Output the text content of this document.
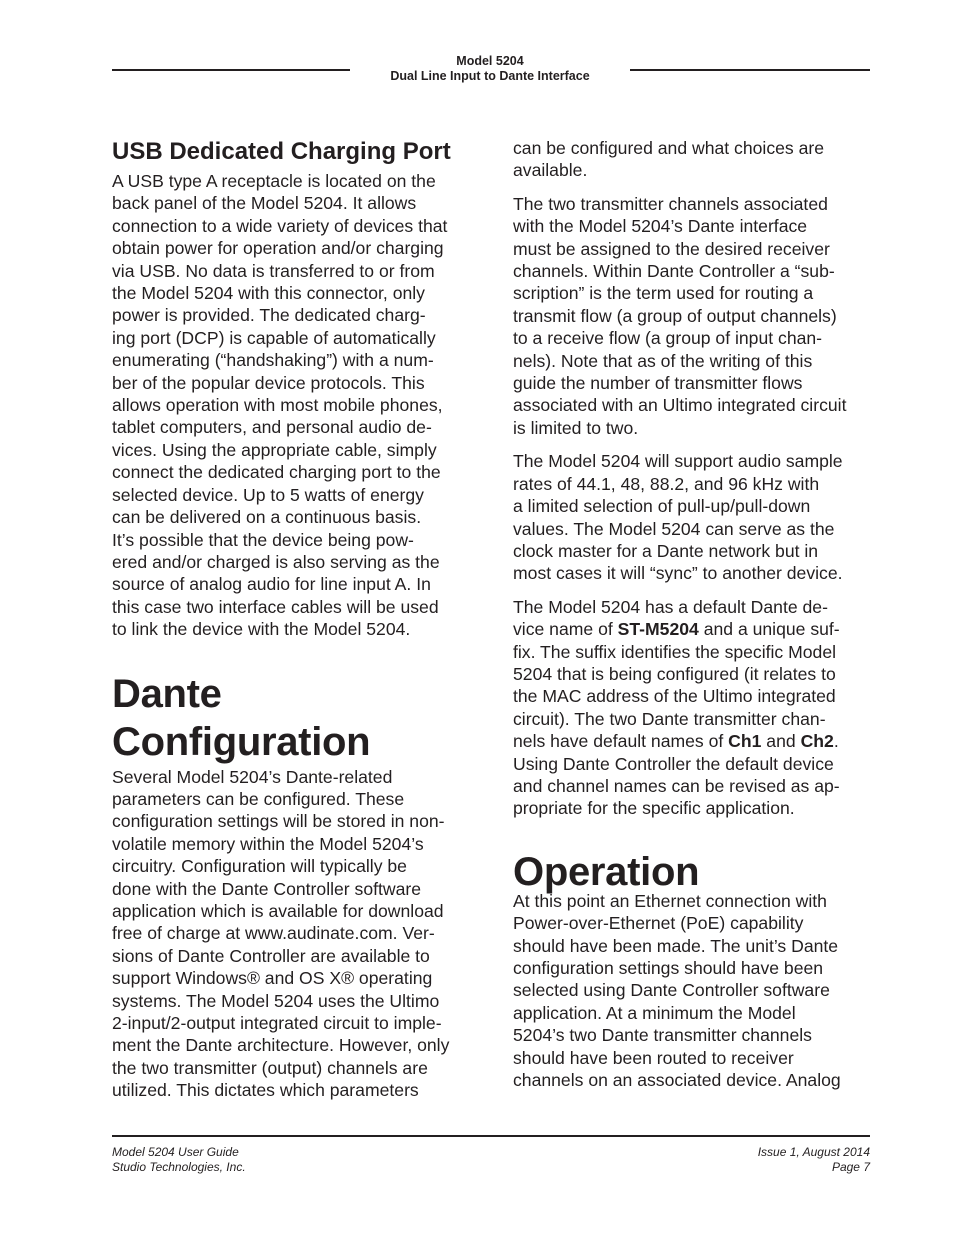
Model 5204
Dual Line Input to Dante Interface
USB Dedicated Charging Port

A USB type A receptacle is located on the
back panel of the Model 5204. It allows
connection to a wide variety of devices that
obtain power for operation and/or charging
via USB. No data is transferred to or from
the Model 5204 with this connector, only
power is provided. The dedicated charg-
ing port (DCP) is capable of automatically
enumerating (“handshaking”) with a num-
ber of the popular device protocols. This
allows operation with most mobile phones,
tablet computers, and personal audio de-
vices. Using the appropriate cable, simply
connect the dedicated charging port to the
selected device. Up to 5 watts of energy
can be delivered on a continuous basis.
It’s possible that the device being pow-
ered and/or charged is also serving as the
source of analog audio for line input A. In
this case two interface cables will be used
to link the device with the Model 5204.

Dante
Configuration

Several Model 5204’s Dante-related
parameters can be configured. These
configuration settings will be stored in non-
volatile memory within the Model 5204’s
circuitry. Configuration will typically be
done with the Dante Controller software
application which is available for download
free of charge at www.audinate.com. Ver-
sions of Dante Controller are available to
support Windows® and OS X® operating
systems. The Model 5204 uses the Ultimo
2-input/2-output integrated circuit to imple-
ment the Dante architecture. However, only
the two transmitter (output) channels are
utilized. This dictates which parameters

can be configured and what choices are
available.

The two transmitter channels associated
with the Model 5204’s Dante interface
must be assigned to the desired receiver
channels. Within Dante Controller a “sub-
scription” is the term used for routing a
transmit flow (a group of output channels)
to a receive flow (a group of input chan-
nels). Note that as of the writing of this
guide the number of transmitter flows
associated with an Ultimo integrated circuit
is limited to two.

The Model 5204 will support audio sample
rates of 44.1, 48, 88.2, and 96 kHz with
a limited selection of pull-up/pull-down
values. The Model 5204 can serve as the
clock master for a Dante network but in
most cases it will “sync” to another device.

The Model 5204 has a default Dante de-
vice name of ST-M5204 and a unique suf-
fix. The suffix identifies the specific Model
5204 that is being configured (it relates to
the MAC address of the Ultimo integrated
circuit). The two Dante transmitter chan-
nels have default names of Ch1 and Ch2.
Using Dante Controller the default device
and channel names can be revised as ap-
propriate for the specific application.

Operation

At this point an Ethernet connection with
Power-over-Ethernet (PoE) capability
should have been made. The unit’s Dante
configuration settings should have been
selected using Dante Controller software
application. At a minimum the Model
5204’s two Dante transmitter channels
should have been routed to receiver
channels on an associated device. Analog

Model 5204 User Guide
Studio Technologies, Inc.
Issue 1, August 2014
Page 7
